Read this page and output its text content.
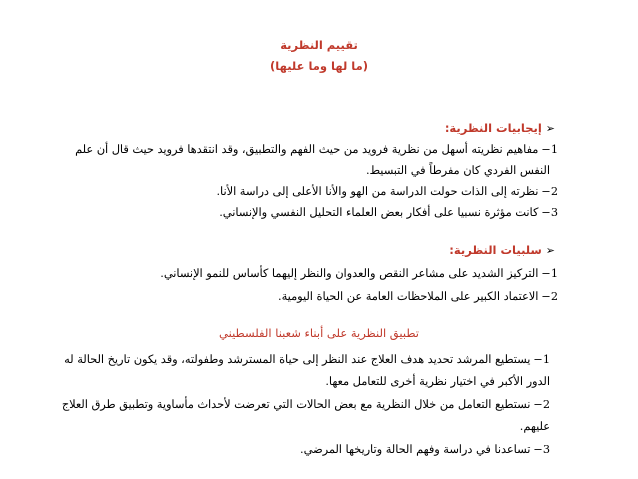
تقييم النظرية
(ما لها وما عليها)
➢إيجابيات النظرية:
1−مفاهيم نظريته أسهل من نظرية فرويد من حيث الفهم والتطبيق، وقد انتقدها فرويد حيث قال أن علم
النفس الفردي كان مفرطاً في التبسيط.
2−نظرته إلى الذات حولت الدراسة من الهو والأنا الأعلى إلى دراسة الأنا.
3−كانت مؤثرة نسبيا على أفكار بعض العلماء التحليل النفسي والإنساني.
➢سلبيات النظرية:
1−التركيز الشديد على مشاعر النقص والعدوان والنظر إليهما كأساس للنمو الإنساني.
2−الاعتماد الكبير على الملاحظات العامة عن الحياة اليومية.
تطبيق النظرية على أبناء شعبنا الفلسطيني
1−يستطيع المرشد تحديد هدف العلاج عند النظر إلى حياة المسترشد وطفولته، وقد يكون تاريخ الحالة له
الدور الأكبر في اختيار نظرية أخرى للتعامل معها.
2−نستطيع التعامل من خلال النظرية مع بعض الحالات التي تعرضت لأحداث مأساوية وتطبيق طرق العلاج
عليهم.
3−تساعدنا في دراسة وفهم الحالة وتاريخها المرضي.
